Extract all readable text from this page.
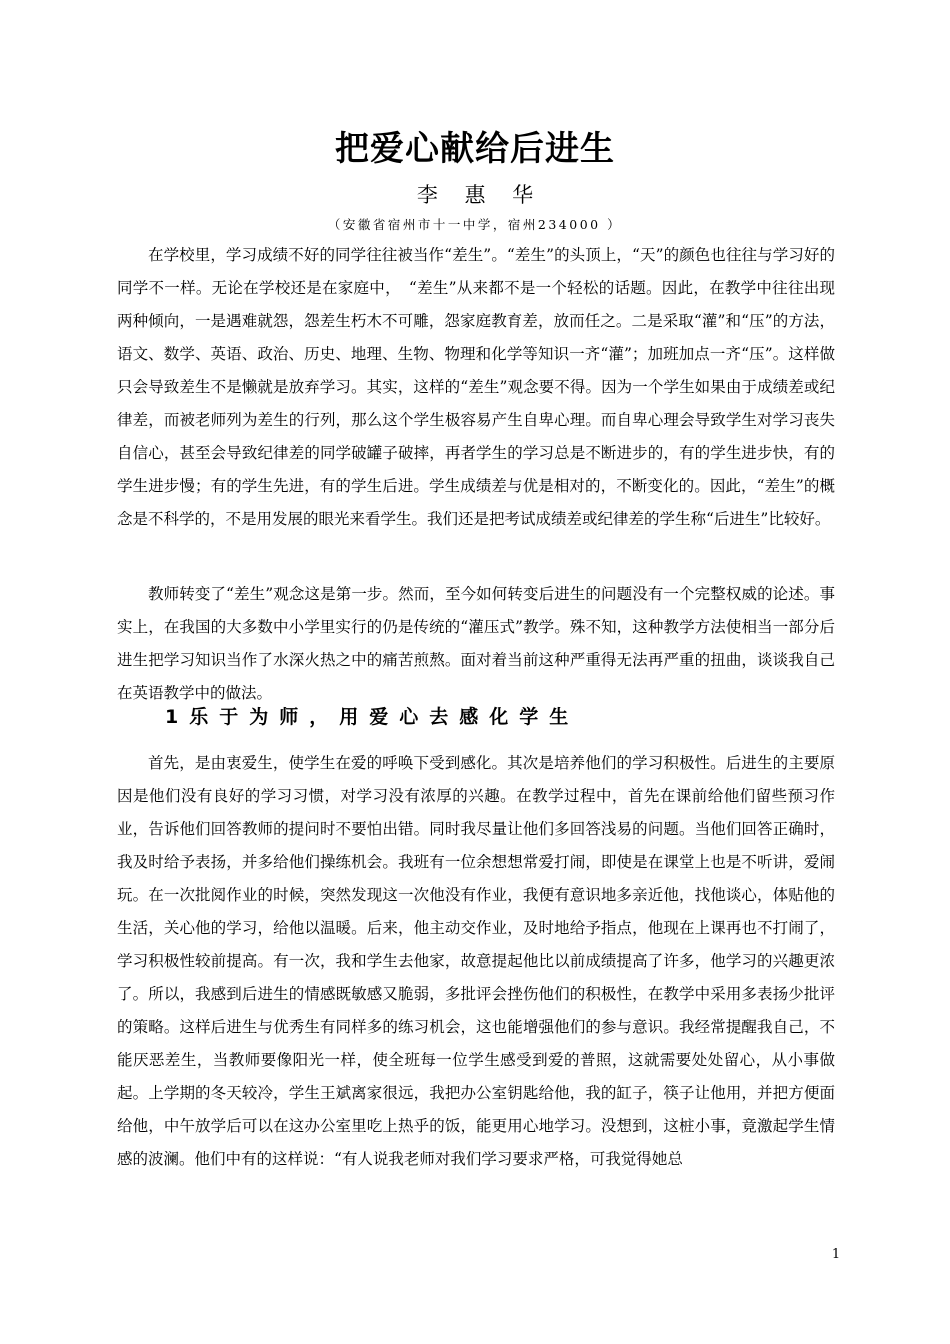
把爱心献给后进生
李 惠 华
（安徽省宿州市十一中学，宿州234000 ）

在学校里，学习成绩不好的同学往往被当作“差生”。“差生”的头顶上，“天”的颜色也往往与学习好的同学不一样。无论在学校还是在家庭中，　“差生”从来都不是一个轻松的话题。因此，在教学中往往出现两种倾向，一是遇难就怨，怨差生朽木不可雕，怨家庭教育差，放而任之。二是采取“灌”和“压”的方法，语文、数学、英语、政治、历史、地理、生物、物理和化学等知识一齐“灌”；加班加点一齐“压”。这样做只会导致差生不是懒就是放弃学习。其实，这样的“差生”观念要不得。因为一个学生如果由于成绩差或纪律差，而被老师列为差生的行列，那么这个学生极容易产生自卑心理。而自卑心理会导致学生对学习丧失自信心，甚至会导致纪律差的同学破罐子破摔，再者学生的学习总是不断进步的，有的学生进步快，有的学生进步慢；有的学生先进，有的学生后进。学生成绩差与优是相对的，不断变化的。因此，“差生”的概念是不科学的，不是用发展的眼光来看学生。我们还是把考试成绩差或纪律差的学生称“后进生”比较好。

教师转变了“差生”观念这是第一步。然而，至今如何转变后进生的问题没有一个完整权威的论述。事实上，在我国的大多数中小学里实行的仍是传统的“灌压式”教学。殊不知，这种教学方法使相当一部分后进生把学习知识当作了水深火热之中的痛苦煎熬。面对着当前这种严重得无法再严重的扭曲，谈谈我自己在英语教学中的做法。

1乐于为师，用爱心去感化学生

首先，是由衷爱生，使学生在爱的呼唤下受到感化。其次是培养他们的学习积极性。后进生的主要原因是他们没有良好的学习习惯，对学习没有浓厚的兴趣。在教学过程中，首先在课前给他们留些预习作业，告诉他们回答教师的提问时不要怕出错。同时我尽量让他们多回答浅易的问题。当他们回答正确时，我及时给予表扬，并多给他们操练机会。我班有一位余想想常爱打闹，即使是在课堂上也是不听讲，爱闹玩。在一次批阅作业的时候，突然发现这一次他没有作业，我便有意识地多亲近他，找他谈心，体贴他的生活，关心他的学习，给他以温暖。后来，他主动交作业，及时地给予指点，他现在上课再也不打闹了，学习积极性较前提高。有一次，我和学生去他家，故意提起他比以前成绩提高了许多，他学习的兴趣更浓了。所以，我感到后进生的情感既敏感又脆弱，多批评会挫伤他们的积极性，在教学中采用多表扬少批评的策略。这样后进生与优秀生有同样多的练习机会，这也能增强他们的参与意识。我经常提醒我自己，不能厌恶差生，当教师要像阳光一样，使全班每一位学生感受到爱的普照，这就需要处处留心，从小事做起。上学期的冬天较冷，学生王斌离家很远，我把办公室钥匙给他，我的缸子，筷子让他用，并把方便面给他，中午放学后可以在这办公室里吃上热乎的饭，能更用心地学习。没想到，这桩小事，竟激起学生情感的波澜。他们中有的这样说：“有人说我老师对我们学习要求严格，可我觉得她总

1
